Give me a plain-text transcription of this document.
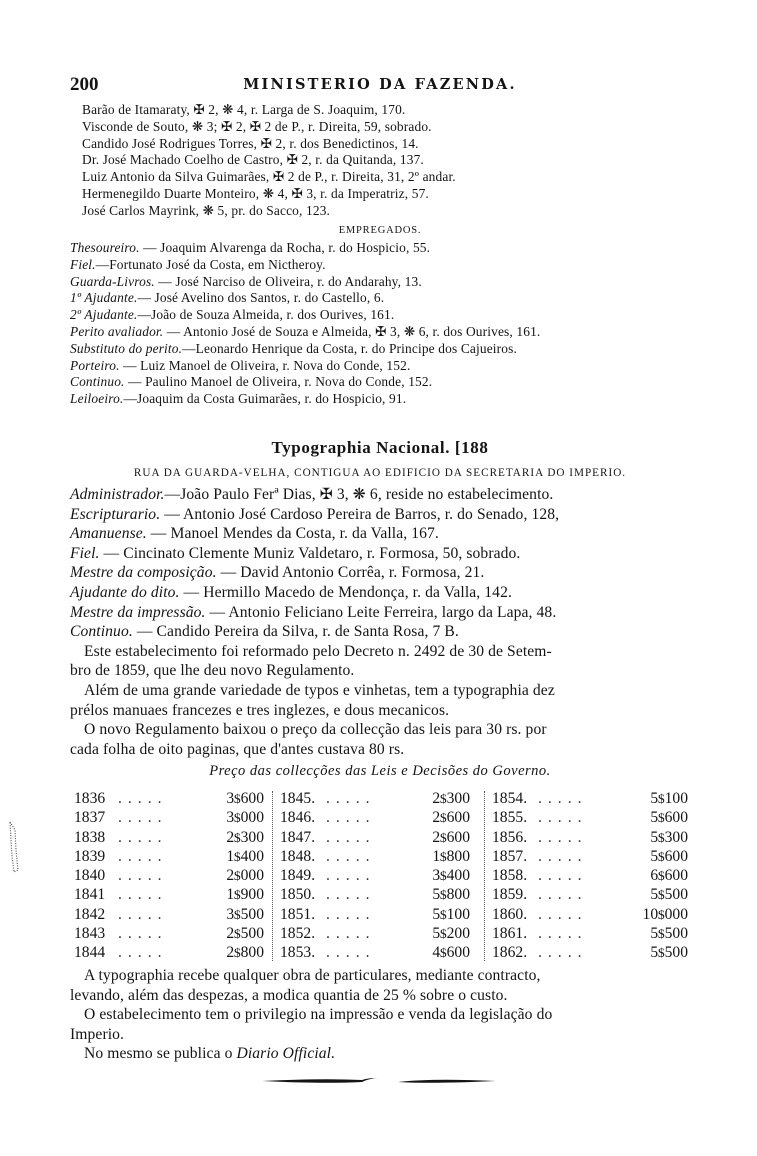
200	MINISTERIO DA FAZENDA.
Barão de Itamaraty, ✠ 2, ❋ 4, r. Larga de S. Joaquim, 170.
Visconde de Souto, ❋ 3; ✠ 2, ✠ 2 de P., r. Direita, 59, sobrado.
Candido José Rodrigues Torres, ✠ 2, r. dos Benedictinos, 14.
Dr. José Machado Coelho de Castro, ✠ 2, r. da Quitanda, 137.
Luiz Antonio da Silva Guimarães, ✠ 2 de P., r. Direita, 31, 2º andar.
Hermenegildo Duarte Monteiro, ❋ 4, ✠ 3, r. da Imperatriz, 57.
José Carlos Mayrink, ❋ 5, pr. do Sacco, 123.
EMPREGADOS.
Thesoureiro. — Joaquim Alvarenga da Rocha, r. do Hospicio, 55.
Fiel.—Fortunato José da Costa, em Nictheroy.
Guarda-Livros. — José Narciso de Oliveira, r. do Andarahy, 13.
1º Ajudante.— José Avelino dos Santos, r. do Castello, 6.
2º Ajudante.—João de Souza Almeida, r. dos Ourives, 161.
Perito avaliador. — Antonio José de Souza e Almeida, ✠ 3, ❋ 6, r. dos Ourives, 161.
Substituto do perito.—Leonardo Henrique da Costa, r. do Principe dos Cajueiros.
Porteiro. — Luiz Manoel de Oliveira, r. Nova do Conde, 152.
Continuo. — Paulino Manoel de Oliveira, r. Nova do Conde, 152.
Leiloeiro.—Joaquim da Costa Guimarães, r. do Hospicio, 91.
Typographia Nacional. [188
RUA DA GUARDA-VELHA, CONTIGUA AO EDIFICIO DA SECRETARIA DO IMPERIO.
Administrador.—João Paulo Ferª Dias, ✠ 3, ❋ 6, reside no estabelecimento.
Escripturario. — Antonio José Cardoso Pereira de Barros, r. do Senado, 128,
Amanuense. — Manoel Mendes da Costa, r. da Valla, 167.
Fiel. — Cincinato Clemente Muniz Valdetaro, r. Formosa, 50, sobrado.
Mestre da composição. — David Antonio Corrêa, r. Formosa, 21.
Ajudante do dito. — Hermillo Macedo de Mendonça, r. da Valla, 142.
Mestre da impressão. — Antonio Feliciano Leite Ferreira, largo da Lapa, 48.
Continuo. — Candido Pereira da Silva, r. de Santa Rosa, 7 B.
Este estabelecimento foi reformado pelo Decreto n. 2492 de 30 de Setem-
bro de 1859, que lhe deu novo Regulamento.
Além de uma grande variedade de typos e vinhetas, tem a typographia dez
prélos manuaes francezes e tres inglezes, e dous mecanicos.
O novo Regulamento baixou o preço da collecção das leis para 30 rs. por
cada folha de oito paginas, que d'antes custava 80 rs.
Preço das collecções das Leis e Decisões do Governo.
1836 .....	3$600
1837 .....	3$000
1838 .....	2$300
1839 .....	1$400
1840 .....	2$000
1841 .....	1$900
1842 .....	3$500
1843 .....	2$500
1844 .....	2$800
1845. .....	2$300
1846. .....	2$600
1847. .....	2$600
1848. .....	1$800
1849. .....	3$400
1850. .....	5$800
1851. .....	5$100
1852. .....	5$200
1853. .....	4$600
1854. .....	5$100
1855. .....	5$600
1856. .....	5$300
1857. .....	5$600
1858. .....	6$600
1859. .....	5$500
1860. .....	10$000
1861. .....	5$500
1862. .....	5$500
A typographia recebe qualquer obra de particulares, mediante contracto,
levando, além das despezas, a modica quantia de 25 % sobre o custo.
O estabelecimento tem o privilegio na impressão e venda da legislação do
Imperio.
No mesmo se publica o Diario Official.
